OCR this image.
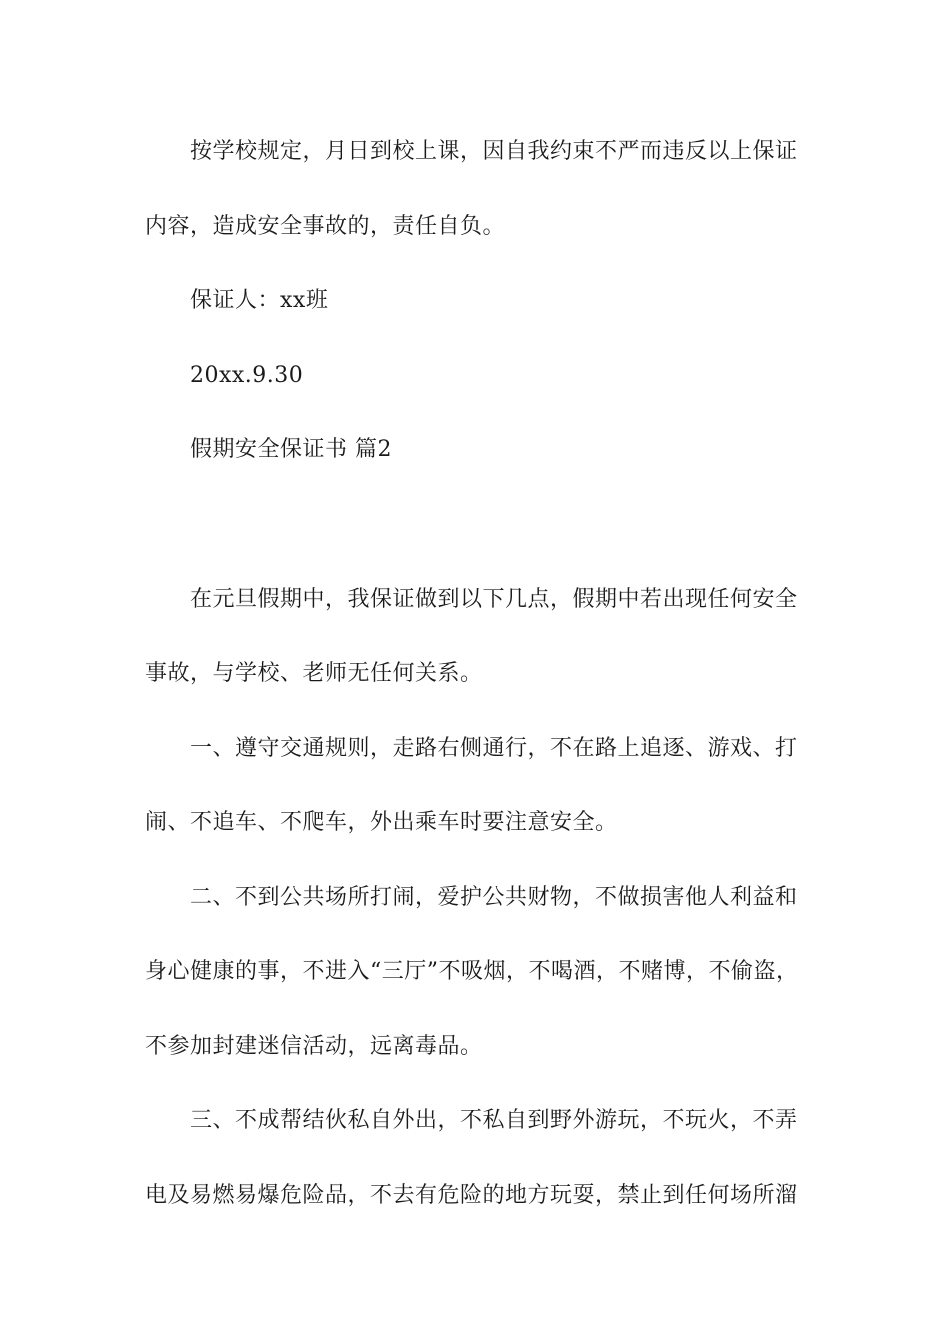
按学校规定，月日到校上课，因自我约束不严而违反以上保证

内容，造成安全事故的，责任自负。

保证人：xx班

20xx.9.30

假期安全保证书 篇2

在元旦假期中，我保证做到以下几点，假期中若出现任何安全

事故，与学校、老师无任何关系。

一、遵守交通规则，走路右侧通行，不在路上追逐、游戏、打

闹、不追车、不爬车，外出乘车时要注意安全。

二、不到公共场所打闹，爱护公共财物，不做损害他人利益和

身心健康的事，不进入“三厅”不吸烟，不喝酒，不赌博，不偷盗，

不参加封建迷信活动，远离毒品。

三、不成帮结伙私自外出，不私自到野外游玩，不玩火，不弄

电及易燃易爆危险品，不去有危险的地方玩耍，禁止到任何场所溜
